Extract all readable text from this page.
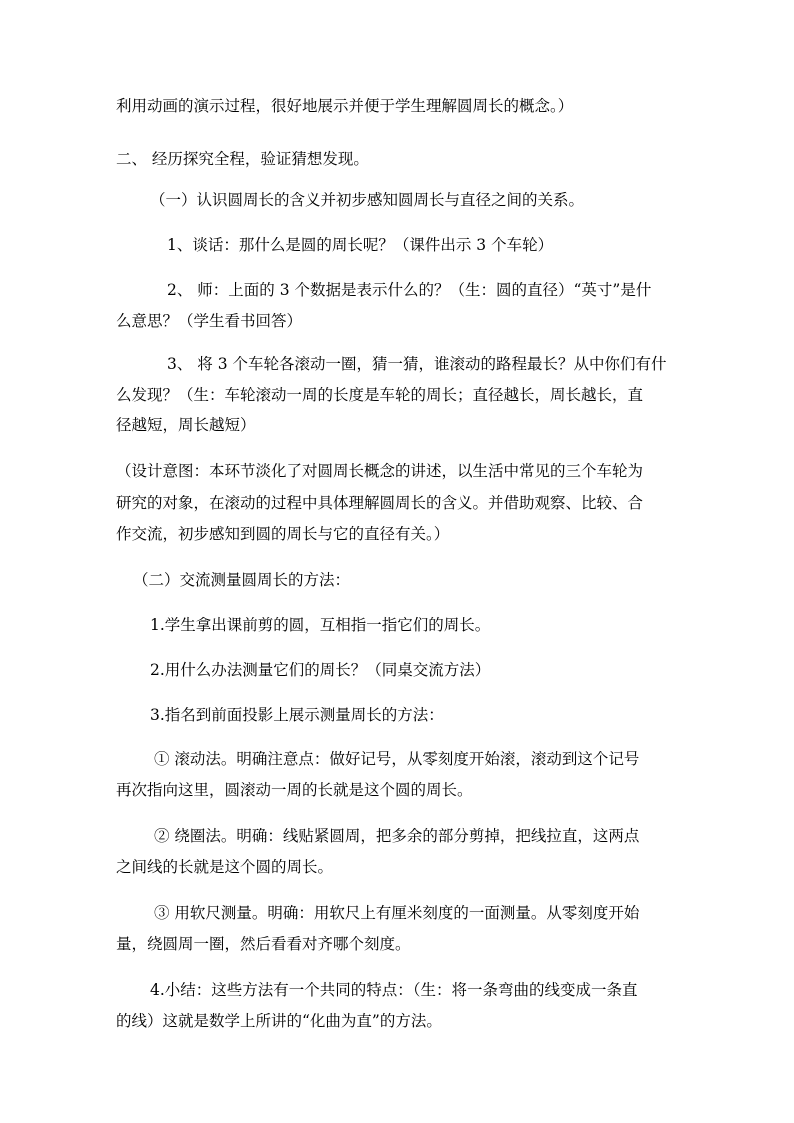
利用动画的演示过程，很好地展示并便于学生理解圆周长的概念。）
二、 经历探究全程，验证猜想发现。
（一）认识圆周长的含义并初步感知圆周长与直径之间的关系。
1、谈话：那什么是圆的周长呢？（课件出示 3 个车轮）
2、 师：上面的 3 个数据是表示什么的？（生：圆的直径）“英寸”是什
么意思？（学生看书回答）
3、 将 3 个车轮各滚动一圈，猜一猜，谁滚动的路程最长？从中你们有什
么发现？（生：车轮滚动一周的长度是车轮的周长；直径越长，周长越长，直
径越短，周长越短）
（设计意图：本环节淡化了对圆周长概念的讲述，以生活中常见的三个车轮为
研究的对象，在滚动的过程中具体理解圆周长的含义。并借助观察、比较、合
作交流，初步感知到圆的周长与它的直径有关。）
（二）交流测量圆周长的方法：
1.学生拿出课前剪的圆，互相指一指它们的周长。
2.用什么办法测量它们的周长？（同桌交流方法）
3.指名到前面投影上展示测量周长的方法：
① 滚动法。明确注意点：做好记号，从零刻度开始滚，滚动到这个记号
再次指向这里，圆滚动一周的长就是这个圆的周长。
② 绕圈法。明确：线贴紧圆周，把多余的部分剪掉，把线拉直，这两点
之间线的长就是这个圆的周长。
③ 用软尺测量。明确：用软尺上有厘米刻度的一面测量。从零刻度开始
量，绕圆周一圈，然后看看对齐哪个刻度。
4.小结：这些方法有一个共同的特点：（生：将一条弯曲的线变成一条直
的线）这就是数学上所讲的“化曲为直”的方法。
